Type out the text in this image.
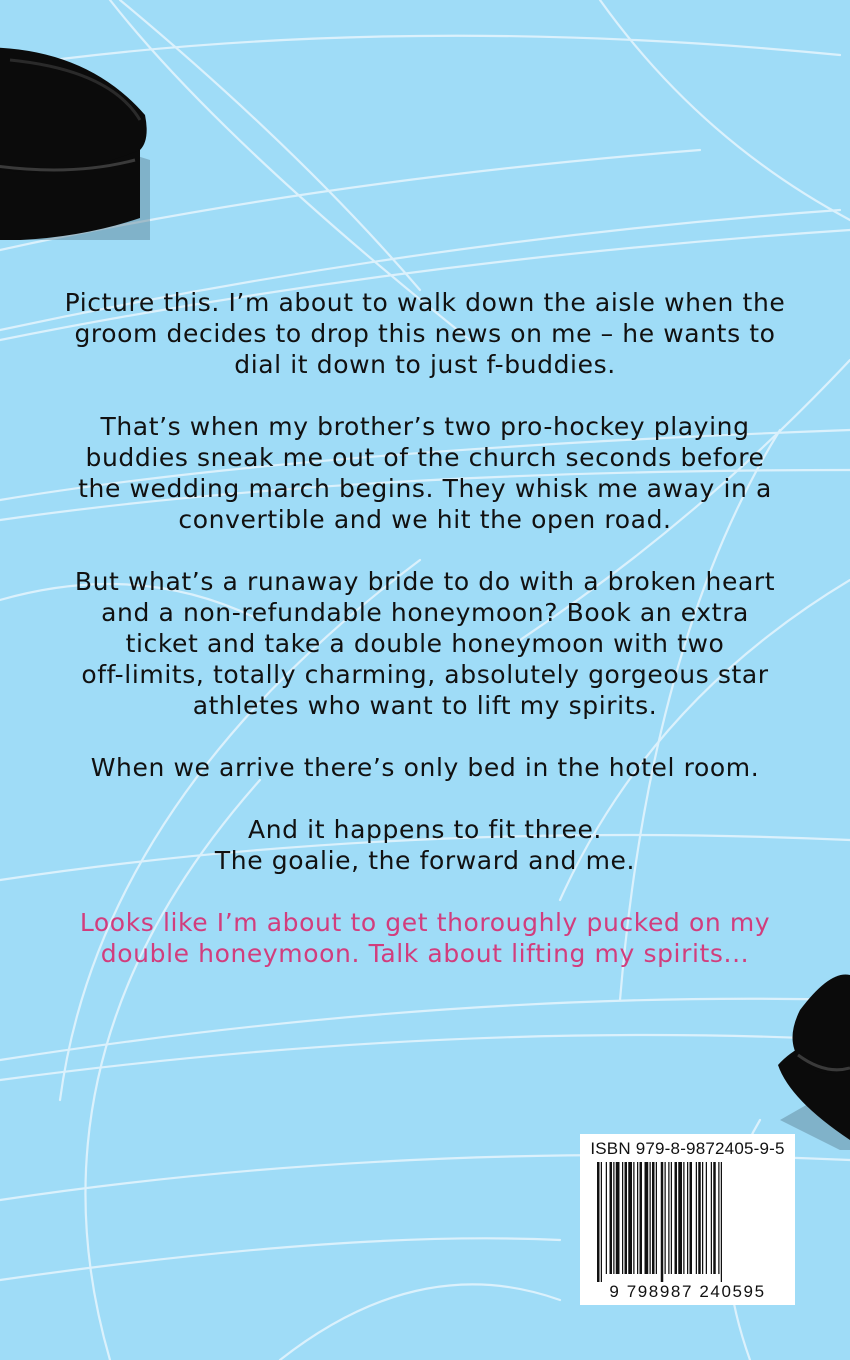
Picture this. I’m about to walk down the aisle when the
groom decides to drop this news on me – he wants to
dial it down to just f-buddies.

That’s when my brother’s two pro-hockey playing
buddies sneak me out of the church seconds before
the wedding march begins. They whisk me away in a
convertible and we hit the open road.

But what’s a runaway bride to do with a broken heart
and a non-refundable honeymoon? Book an extra
ticket and take a double honeymoon with two
off-limits, totally charming, absolutely gorgeous star
athletes who want to lift my spirits.

When we arrive there’s only bed in the hotel room.

And it happens to fit three.
The goalie, the forward and me.

Looks like I’m about to get thoroughly pucked on my
double honeymoon. Talk about lifting my spirits...

ISBN 979-8-9872405-9-5
9 798987 240595
